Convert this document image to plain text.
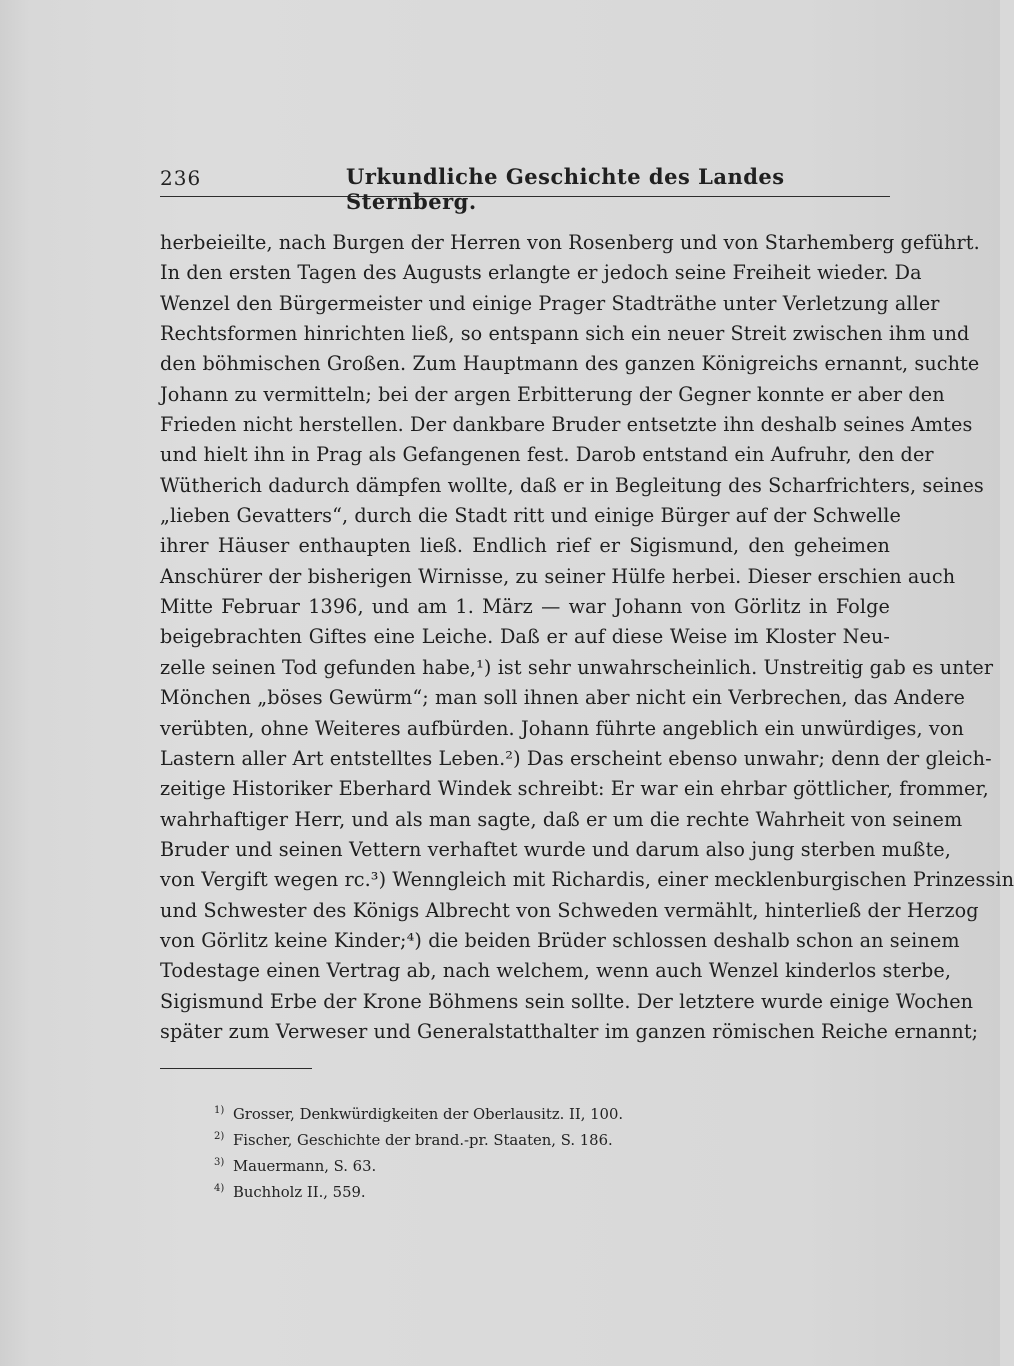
236	Urkundliche Geschichte des Landes Sternberg.
herbeieilte, nach Burgen der Herren von Rosenberg und von Starhemberg geführt.
In den ersten Tagen des Augusts erlangte er jedoch seine Freiheit wieder. Da
Wenzel den Bürgermeister und einige Prager Stadträthe unter Verletzung aller
Rechtsformen hinrichten ließ, so entspann sich ein neuer Streit zwischen ihm und
den böhmischen Großen. Zum Hauptmann des ganzen Königreichs ernannt, suchte
Johann zu vermitteln; bei der argen Erbitterung der Gegner konnte er aber den
Frieden nicht herstellen. Der dankbare Bruder entsetzte ihn deshalb seines Amtes
und hielt ihn in Prag als Gefangenen fest. Darob entstand ein Aufruhr, den der
Wütherich dadurch dämpfen wollte, daß er in Begleitung des Scharfrichters, seines
„lieben Gevatters“, durch die Stadt ritt und einige Bürger auf der Schwelle
ihrer Häuser enthaupten ließ. Endlich rief er Sigismund, den geheimen
Anschürer der bisherigen Wirnisse, zu seiner Hülfe herbei. Dieser erschien auch
Mitte Februar 1396, und am 1. März — war Johann von Görlitz in Folge
beigebrachten Giftes eine Leiche. Daß er auf diese Weise im Kloster Neu-
zelle seinen Tod gefunden habe,¹) ist sehr unwahrscheinlich. Unstreitig gab es unter
Mönchen „böses Gewürm“; man soll ihnen aber nicht ein Verbrechen, das Andere
verübten, ohne Weiteres aufbürden. Johann führte angeblich ein unwürdiges, von
Lastern aller Art entstelltes Leben.²) Das erscheint ebenso unwahr; denn der gleich-
zeitige Historiker Eberhard Windek schreibt: Er war ein ehrbar göttlicher, frommer,
wahrhaftiger Herr, und als man sagte, daß er um die rechte Wahrheit von seinem
Bruder und seinen Vettern verhaftet wurde und darum also jung sterben mußte,
von Vergift wegen rc.³) Wenngleich mit Richardis, einer mecklenburgischen Prinzessin
und Schwester des Königs Albrecht von Schweden vermählt, hinterließ der Herzog
von Görlitz keine Kinder;⁴) die beiden Brüder schlossen deshalb schon an seinem
Todestage einen Vertrag ab, nach welchem, wenn auch Wenzel kinderlos sterbe,
Sigismund Erbe der Krone Böhmens sein sollte. Der letztere wurde einige Wochen
später zum Verweser und Generalstatthalter im ganzen römischen Reiche ernannt;
$^{1)}$ Grosser, Denkwürdigkeiten der Oberlausitz. II, 100.
$^{2)}$ Fischer, Geschichte der brand.-pr. Staaten, S. 186.
$^{3)}$ Mauermann, S. 63.
$^{4)}$ Buchholz II., 559.
